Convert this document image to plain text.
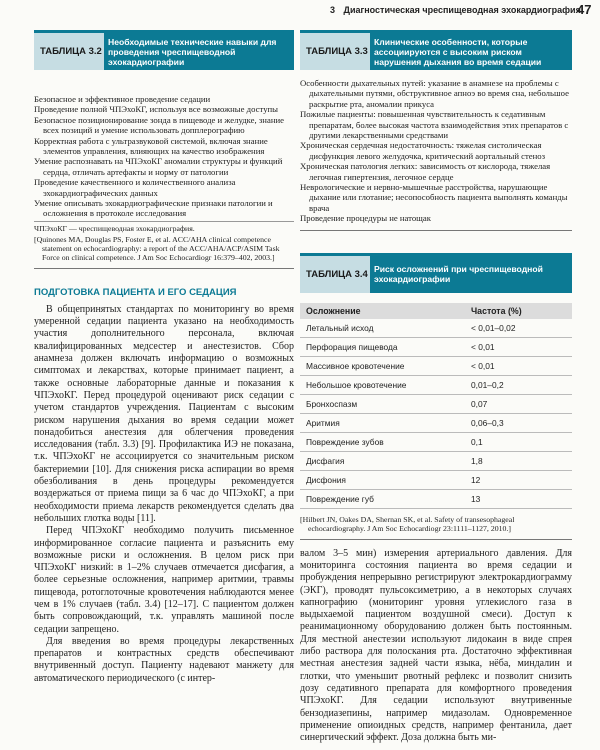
3 Диагностическая чреспищеводная эхокардиография
47
ТАБЛИЦА 3.2
Необходимые технические навыки для проведения чреспищеводной эхокардиографии

Безопасное и эффективное проведение седации

Проведение полной ЧПЭхоКГ, используя все возможные доступы

Безопасное позиционирование зонда в пищеводе и желудке, знание всех позиций и умение использовать допплерографию

Корректная работа с ультразвуковой системой, включая знание элементов управления, влияющих на качество изображения

Умение распознавать на ЧПЭхоКГ аномалии структуры и функций сердца, отличать артефакты и норму от патологии

Проведение качественного и количественного анализа эхокардиографических данных

Умение описывать эхокардиографические признаки патологии и осложнения в протоколе исследования

ЧПЭхоКГ — чреспищеводная эхокардиография.
[Quinones MA, Douglas PS, Foster E, et al. ACC/AHA clinical competence statement on echocardiography: a report of the ACC/AHA/ACP/ASIM Task Force on clinical competence. J Am Soc Echocardiogr 16:379–402, 2003.]
ПОДГОТОВКА ПАЦИЕНТА И ЕГО СЕДАЦИЯ

В общепринятых стандартах по мониторингу во время умеренной седации пациента указано на необходимость участия дополнительного персонала, включая квалифицированных медсестер и анестезистов. Сбор анамнеза должен включать информацию о возможных симптомах и лекарствах, которые принимает пациент, а также основные лабораторные данные и показания к ЧПЭхоКГ. Перед процедурой оценивают риск седации с учетом стандартов учреждения. Пациентам с высоким риском нарушения дыхания во время седации может понадобиться анестезия для облегчения проведения исследования (табл. 3.3) [9]. Профилактика ИЭ не показана, т.к. ЧПЭхоКГ не ассоциируется со значительным риском бактериемии [10]. Для снижения риска аспирации во время обезболивания в день процедуры рекомендуется воздержаться от приема пищи за 6 час до ЧПЭхоКГ, а при необходимости приема лекарств рекомендуется сделать два небольших глотка воды [11].

Перед ЧПЭхоКГ необходимо получить письменное информированное согласие пациента и разъяснить ему возможные риски и осложнения. В целом риск при ЧПЭхоКГ низкий: в 1–2% случаев отмечается дисфагия, а более серьезные осложнения, например аритмии, травмы пищевода, ротоглоточные кровотечения наблюдаются менее чем в 1% случаев (табл. 3.4) [12–17]. С пациентом должен быть сопровождающий, т.к. управлять машиной после седации запрещено.

Для введения во время процедуры лекарственных препаратов и контрастных средств обеспечивают внутривенный доступ. Пациенту надевают манжету для автоматического периодического (с интер-

ТАБЛИЦА 3.3
Клинические особенности, которые ассоциируются с высоким риском нарушения дыхания во время седации

Особенности дыхательных путей: указание в анамнезе на проблемы с дыхательными путями, обструктивное апноэ во время сна, небольшое раскрытие рта, аномалии прикуса

Пожилые пациенты: повышенная чувствительность к седативным препаратам, более высокая частота взаимодействия этих препаратов с другими лекарственными средствами

Хроническая сердечная недостаточность: тяжелая систолическая дисфункция левого желудочка, критический аортальный стеноз

Хроническая патология легких: зависимость от кислорода, тяжелая легочная гипертензия, легочное сердце

Неврологические и нервно-мышечные расстройства, нарушающие дыхание или глотание; несопособность пациента выполнять команды врача

Проведение процедуры не натощак

ТАБЛИЦА 3.4 Риск осложнений при чреспищеводной эхокардиографии
Осложнение	Частота (%)
Летальный исход	< 0,01–0,02
Перфорация пищевода	< 0,01
Массивное кровотечение	< 0,01
Небольшое кровотечение	0,01–0,2
Бронхоспазм	0,07
Аритмия	0,06–0,3
Повреждение зубов	0,1
Дисфагия	1,8
Дисфония	12
Повреждение губ	13
[Hilbert JN, Oakes DA, Shernan SK, et al. Safety of transesophageal echocardiography. J Am Soc Echocardiogr 23:1111–1127, 2010.]
валом 3–5 мин) измерения артериального давления. Для мониторинга состояния пациента во время седации и пробуждения непрерывно регистрируют электрокардиограмму (ЭКГ), проводят пульсоксиметрию, а в некоторых случаях капнографию (мониторинг уровня углекислого газа в выдыхаемой пациентом воздушной смеси). Доступ к реанимационному оборудованию должен быть постоянным. Для местной анестезии используют лидокаин в виде спрея либо раствора для полоскания рта. Достаточно эффективная местная анестезия задней части языка, нёба, миндалин и глотки, что уменьшит рвотный рефлекс и позволит снизить дозу седативного препарата для комфортного проведения ЧПЭхоКГ. Для седации используют внутривенные бензодиазепины, например мидазолам. Одновременное применение опиоидных средств, например фентанила, дает синергический эффект. Доза должна быть ми-
